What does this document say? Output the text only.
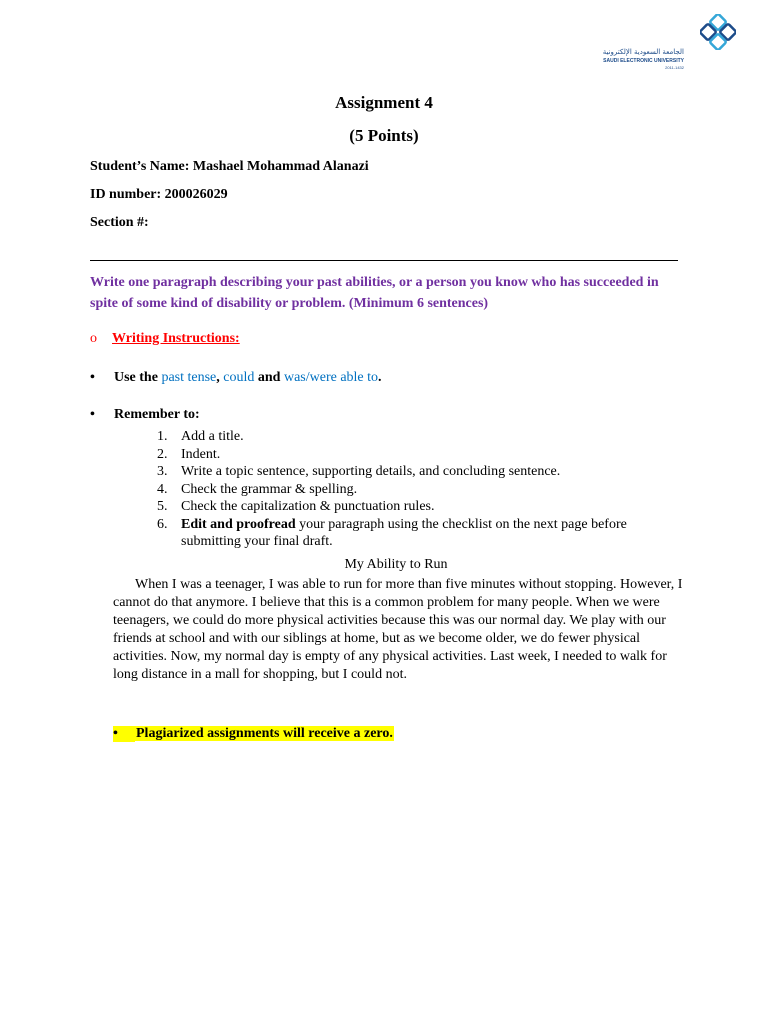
الجامعة السعودية الإلكترونية
SAUDI ELECTRONIC UNIVERSITY
2011-1432
Assignment 4
(5 Points)
Student’s Name: Mashael Mohammad Alanazi
ID number: 200026029
Section #:
Write one paragraph describing your past abilities, or a person you know who has succeeded in spite of some kind of disability or problem. (Minimum 6 sentences)
o Writing Instructions:
• Use the past tense, could and was/were able to.
• Remember to:
1. Add a title.
2. Indent.
3. Write a topic sentence, supporting details, and concluding sentence.
4. Check the grammar & spelling.
5. Check the capitalization & punctuation rules.
6. Edit and proofread your paragraph using the checklist on the next page before submitting your final draft.
My Ability to Run

When I was a teenager, I was able to run for more than five minutes without stopping. However, I cannot do that anymore. I believe that this is a common problem for many people. When we were teenagers, we could do more physical activities because this was our normal day. We play with our friends at school and with our siblings at home, but as we become older, we do fewer physical activities. Now, my normal day is empty of any physical activities. Last week, I needed to walk for long distance in a mall for shopping, but I could not.

• Plagiarized assignments will receive a zero.
